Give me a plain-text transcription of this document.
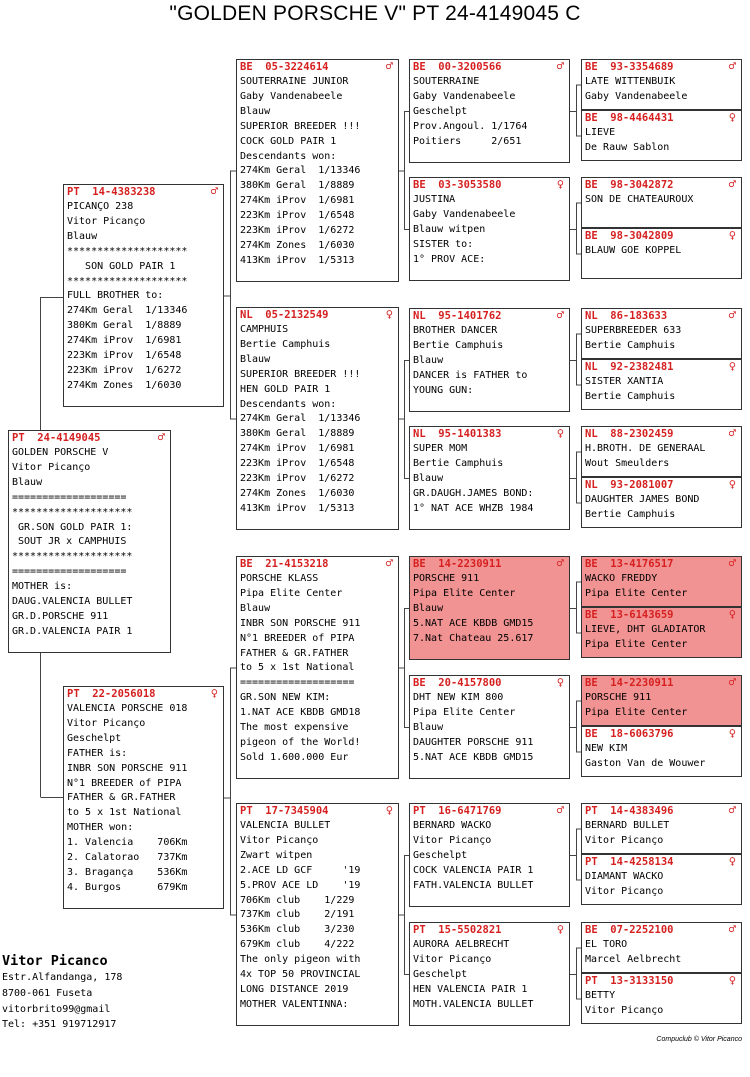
"GOLDEN PORSCHE V" PT 24-4149045 C
PT  24-4149045	♂
GOLDEN PORSCHE V
Vitor Picanço
Blauw
===================
********************
GR.SON GOLD PAIR 1:
SOUT JR x CAMPHUIS
********************
===================
MOTHER is:
DAUG.VALENCIA BULLET
GR.D.PORSCHE 911
GR.D.VALENCIA PAIR 1
PT  14-4383238	♂
PICANÇO 238
Vitor Picanço
Blauw
********************
SON GOLD PAIR 1
********************
FULL BROTHER to:
274Km Geral  1/13346
380Km Geral  1/8889
274Km iProv  1/6981
223Km iProv  1/6548
223Km iProv  1/6272
274Km Zones  1/6030
PT  22-2056018	♀
VALENCIA PORSCHE 018
Vitor Picanço
Geschelpt
FATHER is:
INBR SON PORSCHE 911
N°1 BREEDER of PIPA
FATHER & GR.FATHER
to 5 x 1st National
MOTHER won:
1. Valencia    706Km
2. Calatorao   737Km
3. Bragança    536Km
4. Burgos      679Km
BE  05-3224614	♂
SOUTERRAINE JUNIOR
Gaby Vandenabeele
Blauw
SUPERIOR BREEDER !!!
COCK GOLD PAIR 1
Descendants won:
274Km Geral  1/13346
380Km Geral  1/8889
274Km iProv  1/6981
223Km iProv  1/6548
223Km iProv  1/6272
274Km Zones  1/6030
413Km iProv  1/5313
NL  05-2132549	♀
CAMPHUIS
Bertie Camphuis
Blauw
SUPERIOR BREEDER !!!
HEN GOLD PAIR 1
Descendants won:
274Km Geral  1/13346
380Km Geral  1/8889
274Km iProv  1/6981
223Km iProv  1/6548
223Km iProv  1/6272
274Km Zones  1/6030
413Km iProv  1/5313
BE  21-4153218	♂
PORSCHE KLASS
Pipa Elite Center
Blauw
INBR SON PORSCHE 911
N°1 BREEDER of PIPA
FATHER & GR.FATHER
to 5 x 1st National
===================
GR.SON NEW KIM:
1.NAT ACE KBDB GMD18
The most expensive
pigeon of the World!
Sold 1.600.000 Eur
PT  17-7345904	♀
VALENCIA BULLET
Vitor Picanço
Zwart witpen
2.ACE LD GCF     '19
5.PROV ACE LD    '19
706Km club    1/229
737Km club    2/191
536Km club    3/230
679Km club    4/222
The only pigeon with
4x TOP 50 PROVINCIAL
LONG DISTANCE 2019
MOTHER VALENTINNA:
BE  00-3200566	♂
SOUTERRAINE
Gaby Vandenabeele
Geschelpt
Prov.Angoul. 1/1764
Poitiers     2/651
BE  03-3053580	♀
JUSTINA
Gaby Vandenabeele
Blauw witpen
SISTER to:
1° PROV ACE:
NL  95-1401762	♂
BROTHER DANCER
Bertie Camphuis
Blauw
DANCER is FATHER to
YOUNG GUN:
NL  95-1401383	♀
SUPER MOM
Bertie Camphuis
Blauw
GR.DAUGH.JAMES BOND:
1° NAT ACE WHZB 1984
BE  14-2230911	♂
PORSCHE 911
Pipa Elite Center
Blauw
5.NAT ACE KBDB GMD15
7.Nat Chateau 25.617
BE  20-4157800	♀
DHT NEW KIM 800
Pipa Elite Center
Blauw
DAUGHTER PORSCHE 911
5.NAT ACE KBDB GMD15
PT  16-6471769	♂
BERNARD WACKO
Vitor Picanço
Geschelpt
COCK VALENCIA PAIR 1
FATH.VALENCIA BULLET
PT  15-5502821	♀
AURORA AELBRECHT
Vitor Picanço
Geschelpt
HEN VALENCIA PAIR 1
MOTH.VALENCIA BULLET
BE  93-3354689	♂
LATE WITTENBUIK
Gaby Vandenabeele
BE  98-4464431	♀
LIEVE
De Rauw Sablon
BE  98-3042872	♂
SON DE CHATEAUROUX
BE  98-3042809	♀
BLAUW GOE KOPPEL
NL  86-183633	♂
SUPERBREEDER 633
Bertie Camphuis
NL  92-2382481	♀
SISTER XANTIA
Bertie Camphuis
NL  88-2302459	♂
H.BROTH. DE GENERAAL
Wout Smeulders
NL  93-2081007	♀
DAUGHTER JAMES BOND
Bertie Camphuis
BE  13-4176517	♂
WACKO FREDDY
Pipa Elite Center
BE  13-6143659	♀
LIEVE, DHT GLADIATOR
Pipa Elite Center
BE  14-2230911	♂
PORSCHE 911
Pipa Elite Center
BE  18-6063796	♀
NEW KIM
Gaston Van de Wouwer
PT  14-4383496	♂
BERNARD BULLET
Vitor Picanço
PT  14-4258134	♀
DIAMANT WACKO
Vitor Picanço
BE  07-2252100	♂
EL TORO
Marcel Aelbrecht
PT  13-3133150	♀
BETTY
Vitor Picanço
Vitor Picanco
Estr.Alfandanga, 178
8700-061 Fuseta
vitorbrito99@gmail
Tel: +351 919712917
Compuclub © Vitor Picanco
